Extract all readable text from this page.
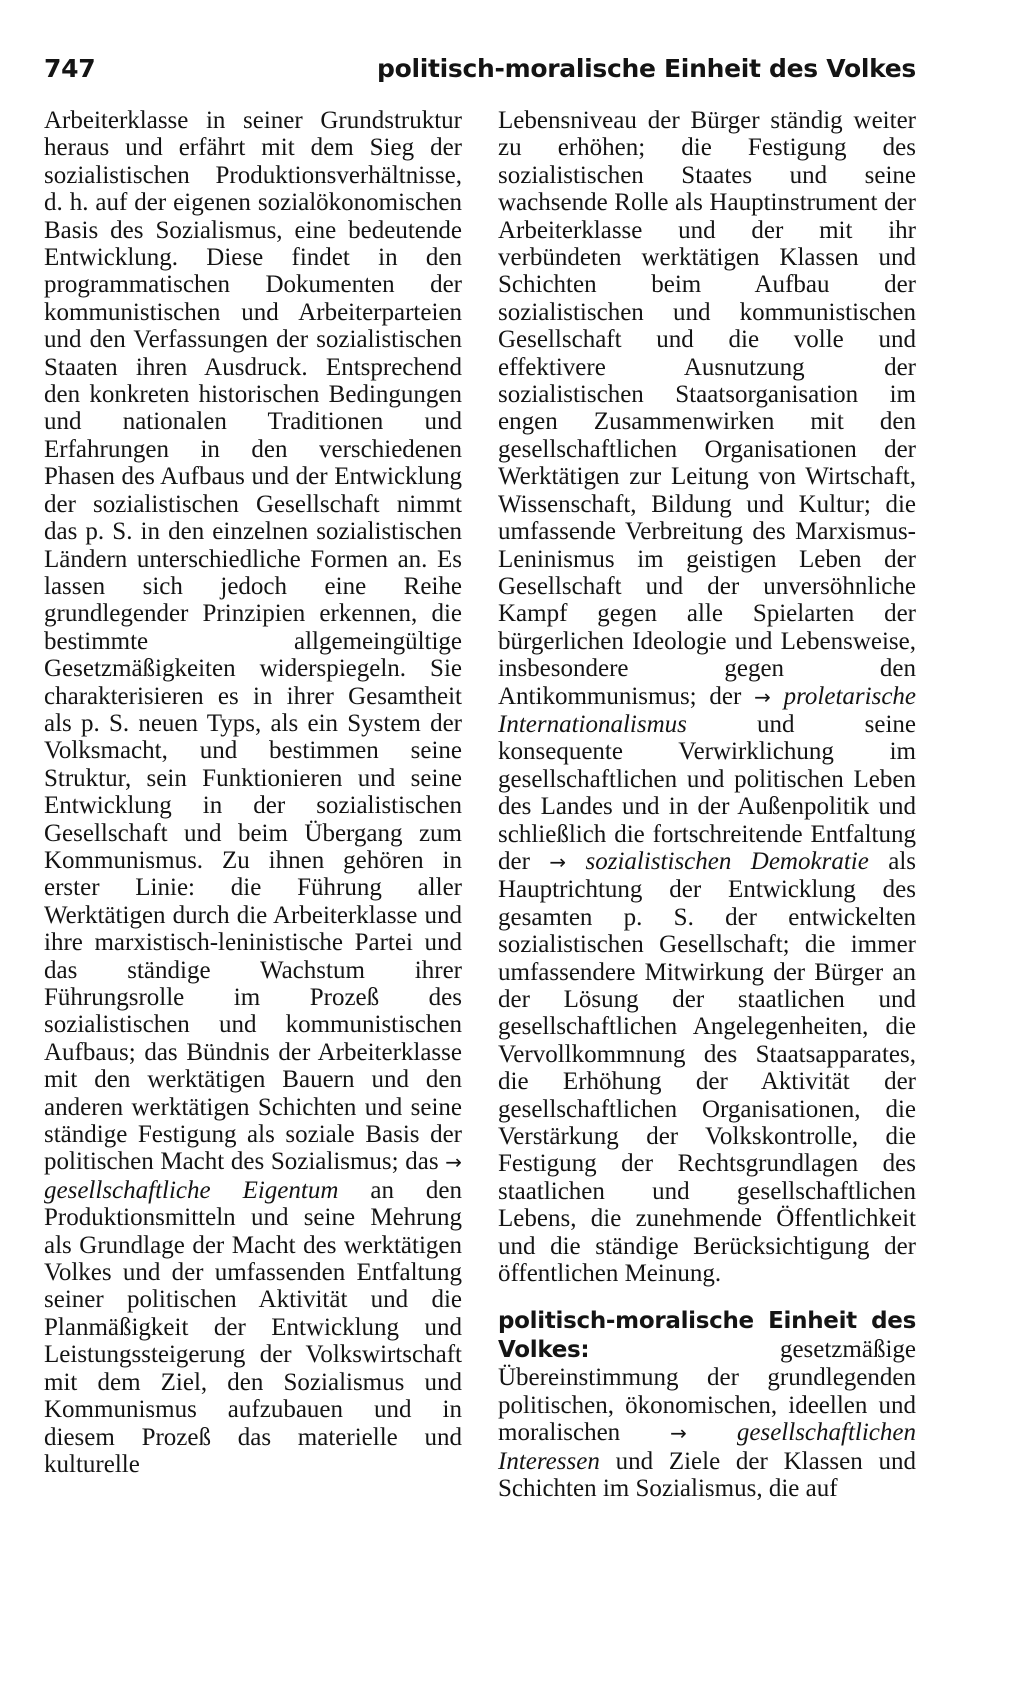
747	politisch-moralische Einheit des Volkes

Arbeiterklasse in seiner Grundstruktur heraus und erfährt mit dem Sieg der sozialistischen Produktionsverhältnisse, d. h. auf der eigenen sozialökonomischen Basis des Sozialismus, eine bedeutende Entwicklung. Diese findet in den programmatischen Dokumenten der kommunistischen und Arbeiterparteien und den Verfassungen der sozialistischen Staaten ihren Ausdruck. Entsprechend den konkreten historischen Bedingungen und nationalen Traditionen und Erfahrungen in den verschiedenen Phasen des Aufbaus und der Entwicklung der sozialistischen Gesellschaft nimmt das p. S. in den einzelnen sozialistischen Ländern unterschiedliche Formen an. Es lassen sich jedoch eine Reihe grundlegender Prinzipien erkennen, die bestimmte allgemeingültige Gesetzmäßigkeiten widerspiegeln. Sie charakterisieren es in ihrer Gesamtheit als p. S. neuen Typs, als ein System der Volksmacht, und bestimmen seine Struktur, sein Funktionieren und seine Entwicklung in der sozialistischen Gesellschaft und beim Übergang zum Kommunismus. Zu ihnen gehören in erster Linie: die Führung aller Werktätigen durch die Arbeiterklasse und ihre marxistisch-leninistische Partei und das ständige Wachstum ihrer Führungsrolle im Prozeß des sozialistischen und kommunistischen Aufbaus; das Bündnis der Arbeiterklasse mit den werktätigen Bauern und den anderen werktätigen Schichten und seine ständige Festigung als soziale Basis der politischen Macht des Sozialismus; das → gesellschaftliche Eigentum an den Produktionsmitteln und seine Mehrung als Grundlage der Macht des werktätigen Volkes und der umfassenden Entfaltung seiner politischen Aktivität und die Planmäßigkeit der Entwicklung und Leistungssteigerung der Volkswirtschaft mit dem Ziel, den Sozialismus und Kommunismus aufzubauen und in diesem Prozeß das materielle und kulturelle

Lebensniveau der Bürger ständig weiter zu erhöhen; die Festigung des sozialistischen Staates und seine wachsende Rolle als Hauptinstrument der Arbeiterklasse und der mit ihr verbündeten werktätigen Klassen und Schichten beim Aufbau der sozialistischen und kommunistischen Gesellschaft und die volle und effektivere Ausnutzung der sozialistischen Staatsorganisation im engen Zusammenwirken mit den gesellschaftlichen Organisationen der Werktätigen zur Leitung von Wirtschaft, Wissenschaft, Bildung und Kultur; die umfassende Verbreitung des Marxismus-Leninismus im geistigen Leben der Gesellschaft und der unversöhnliche Kampf gegen alle Spielarten der bürgerlichen Ideologie und Lebensweise, insbesondere gegen den Antikommunismus; der → proletarische Internationalismus	und seine konsequente Verwirklichung im gesellschaftlichen und politischen Leben des Landes und in der Außenpolitik und schließlich die fortschreitende Entfaltung der → sozialistischen Demokratie als Hauptrichtung der Entwicklung des gesamten p. S. der entwickelten sozialistischen Gesellschaft; die immer umfassendere Mitwirkung der Bürger an der Lösung der staatlichen und gesellschaftlichen Angelegenheiten, die Vervollkommnung des Staatsapparates, die Erhöhung der Aktivität der gesellschaftlichen Organisationen, die Verstärkung der Volkskontrolle, die Festigung der Rechtsgrundlagen des staatlichen und gesellschaftlichen Lebens, die zunehmende Öffentlichkeit und die ständige Berücksichtigung der öffentlichen Meinung.

politisch-moralische Einheit des Volkes:	gesetzmäßige Übereinstimmung der grundlegenden politischen, ökonomischen, ideellen und moralischen → gesellschaftlichen Interessen und Ziele der Klassen und Schichten im Sozialismus, die auf
